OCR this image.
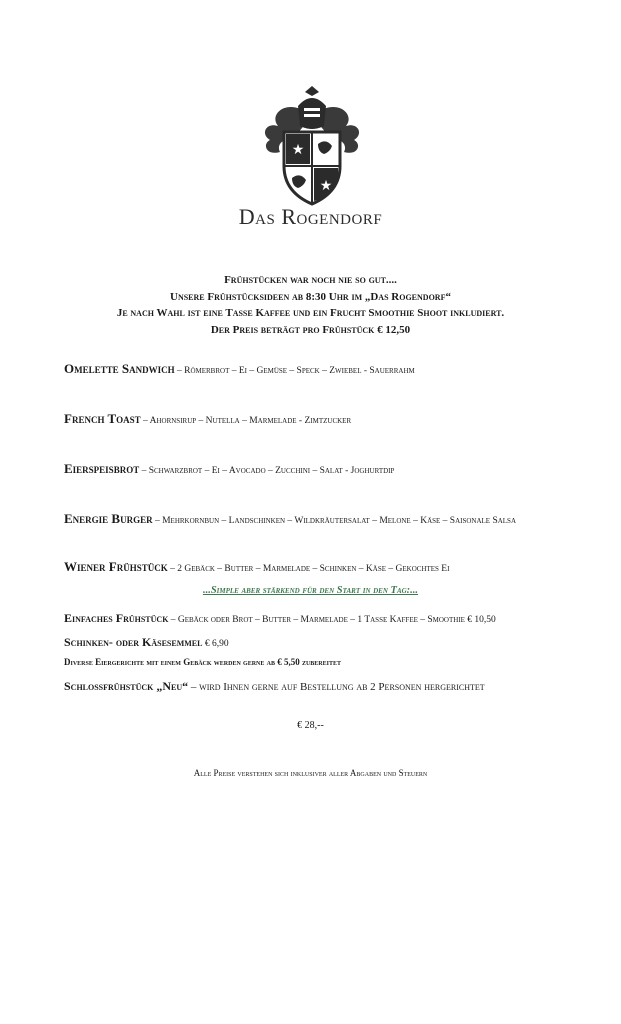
★
★
Das Rogendorf
Frühstücken war noch nie so gut....
Unsere Frühstücksideen ab 8:30 Uhr im „Das Rogendorf“
Je nach Wahl ist eine Tasse Kaffee und ein Frucht Smoothie Shoot inkludiert.
Der Preis beträgt pro Frühstück € 12,50
Omelette Sandwich – Römerbrot – Ei – Gemüse – Speck – Zwiebel - Sauerrahm
French Toast – Ahornsirup – Nutella – Marmelade - Zimtzucker
Eierspeisbrot – Schwarzbrot – Ei – Avocado – Zucchini – Salat - Joghurtdip
Energie Burger – Mehrkornbun – Landschinken – Wildkräutersalat – Melone – Käse – Saisonale Salsa
Wiener Frühstück – 2 Gebäck – Butter – Marmelade – Schinken – Käse – Gekochtes Ei
...Simple aber stärkend für den Start in den Tag:...
Einfaches Frühstück – Gebäck oder Brot – Butter – Marmelade – 1 Tasse Kaffee – Smoothie € 10,50
Schinken- oder Käsesemmel € 6,90
Diverse Eiergerichte mit einem Gebäck werden gerne ab € 5,50 zubereitet
Schlossfrühstück „Neu“ – wird Ihnen gerne auf Bestellung ab 2 Personen hergerichtet
€ 28,--
Alle Preise verstehen sich inklusiver aller Abgaben und Steuern
